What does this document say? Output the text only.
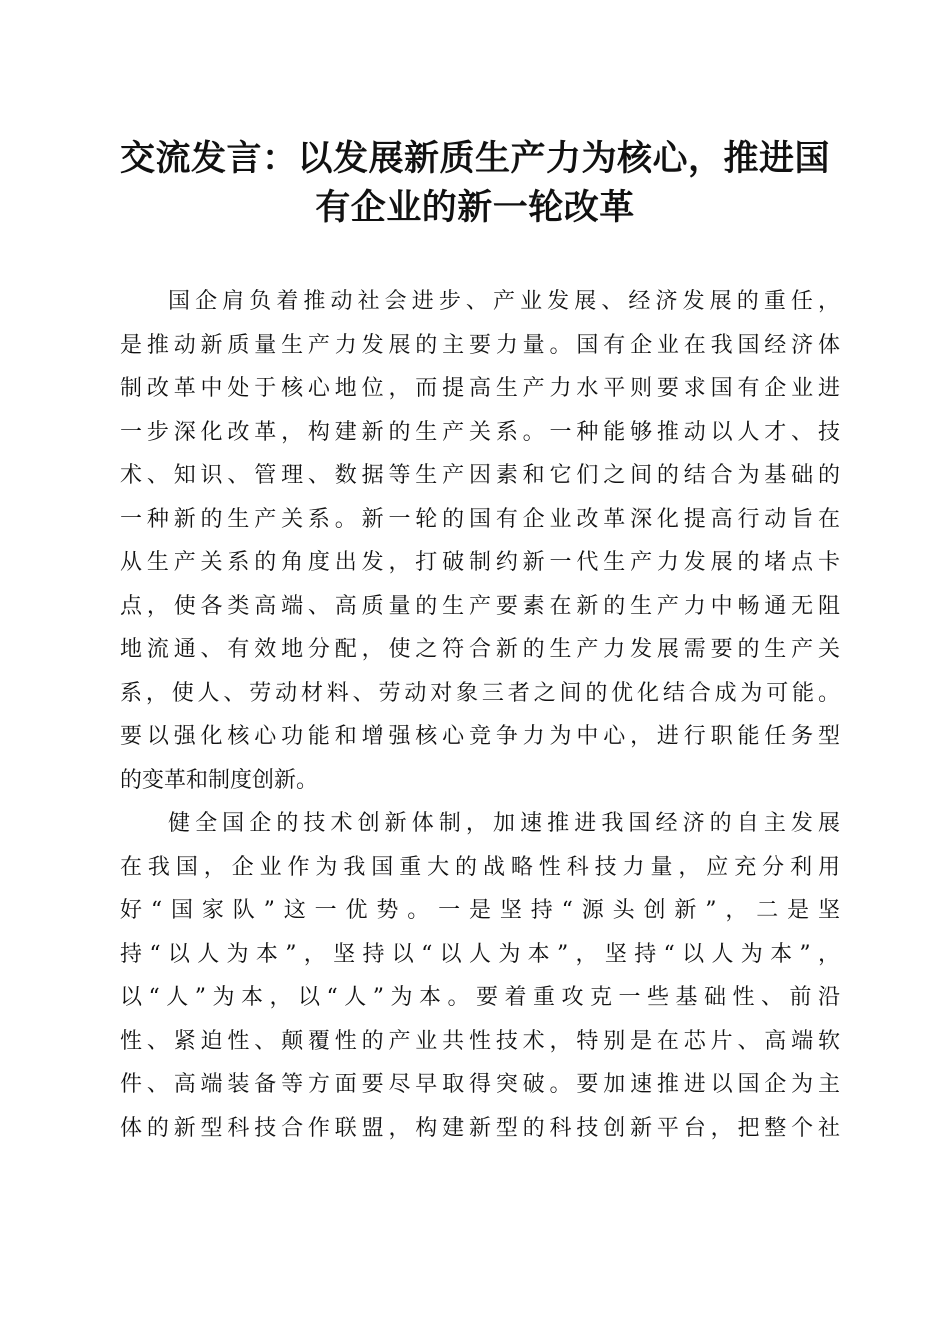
交流发言：以发展新质生产力为核心，推进国
有企业的新一轮改革
国企肩负着推动社会进步、产业发展、经济发展的重任，
是推动新质量生产力发展的主要力量。国有企业在我国经济体
制改革中处于核心地位，而提高生产力水平则要求国有企业进
一步深化改革，构建新的生产关系。一种能够推动以人才、技
术、知识、管理、数据等生产因素和它们之间的结合为基础的
一种新的生产关系。新一轮的国有企业改革深化提高行动旨在
从生产关系的角度出发，打破制约新一代生产力发展的堵点卡
点，使各类高端、高质量的生产要素在新的生产力中畅通无阻
地流通、有效地分配，使之符合新的生产力发展需要的生产关
系，使人、劳动材料、劳动对象三者之间的优化结合成为可能。
要以强化核心功能和增强核心竞争力为中心，进行职能任务型
的变革和制度创新。
健全国企的技术创新体制，加速推进我国经济的自主发展
在我国，企业作为我国重大的战略性科技力量，应充分利用
好“国家队”这一优势。一是坚持“源头创新”，二是坚
持“以人为本”，坚持以“以人为本”，坚持“以人为本”，
以“人”为本，以“人”为本。要着重攻克一些基础性、前沿
性、紧迫性、颠覆性的产业共性技术，特别是在芯片、高端软
件、高端装备等方面要尽早取得突破。要加速推进以国企为主
体的新型科技合作联盟，构建新型的科技创新平台，把整个社
